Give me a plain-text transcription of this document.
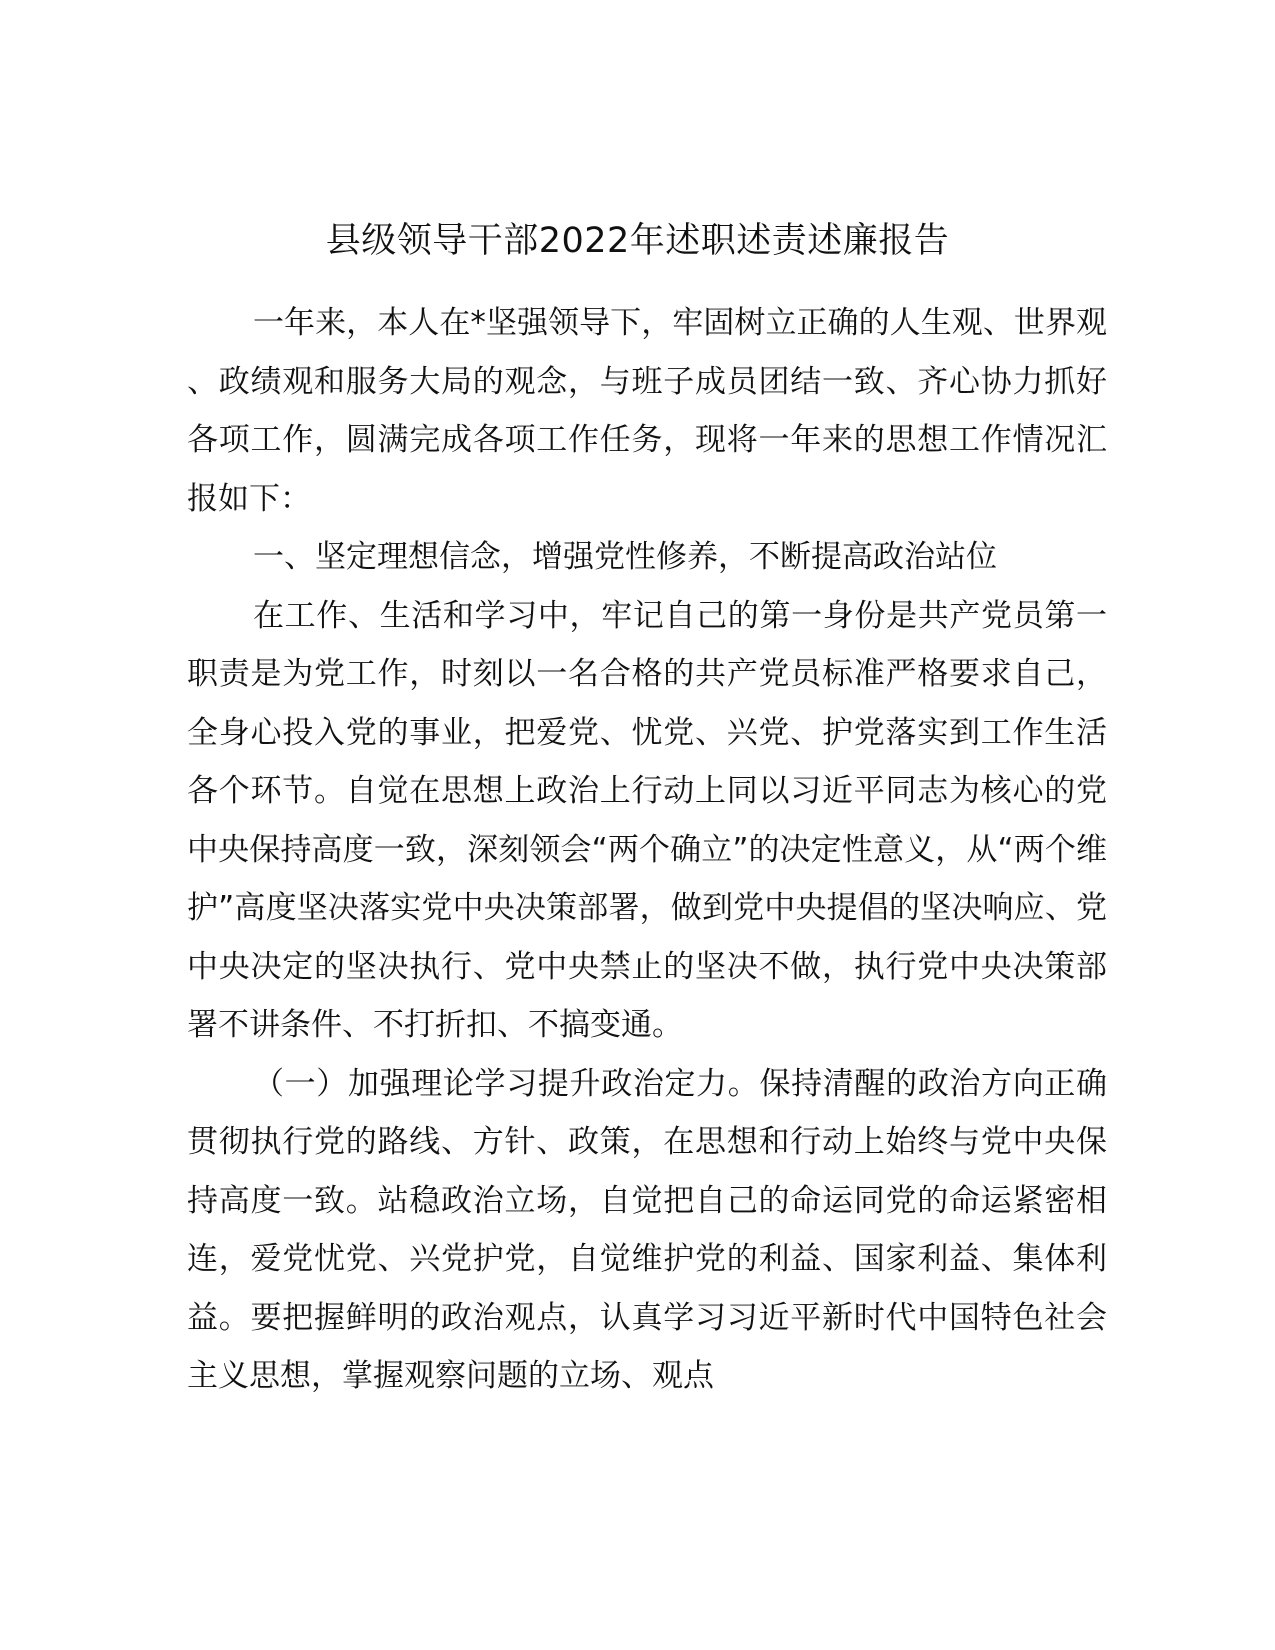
县级领导干部2022年述职述责述廉报告

一年来，本人在*坚强领导下，牢固树立正确的人生观、世界观、政绩观和服务大局的观念，与班子成员团结一致、齐心协力抓好各项工作，圆满完成各项工作任务，现将一年来的思想工作情况汇报如下：

一、坚定理想信念，增强党性修养，不断提高政治站位

在工作、生活和学习中，牢记自己的第一身份是共产党员第一职责是为党工作，时刻以一名合格的共产党员标准严格要求自己，全身心投入党的事业，把爱党、忧党、兴党、护党落实到工作生活各个环节。自觉在思想上政治上行动上同以习近平同志为核心的党中央保持高度一致，深刻领会“两个确立”的决定性意义，从“两个维护”高度坚决落实党中央决策部署，做到党中央提倡的坚决响应、党中央决定的坚决执行、党中央禁止的坚决不做，执行党中央决策部署不讲条件、不打折扣、不搞变通。

（一）加强理论学习提升政治定力。保持清醒的政治方向正确贯彻执行党的路线、方针、政策，在思想和行动上始终与党中央保持高度一致。站稳政治立场，自觉把自己的命运同党的命运紧密相连，爱党忧党、兴党护党，自觉维护党的利益、国家利益、集体利益。要把握鲜明的政治观点，认真学习习近平新时代中国特色社会主义思想，掌握观察问题的立场、观点
